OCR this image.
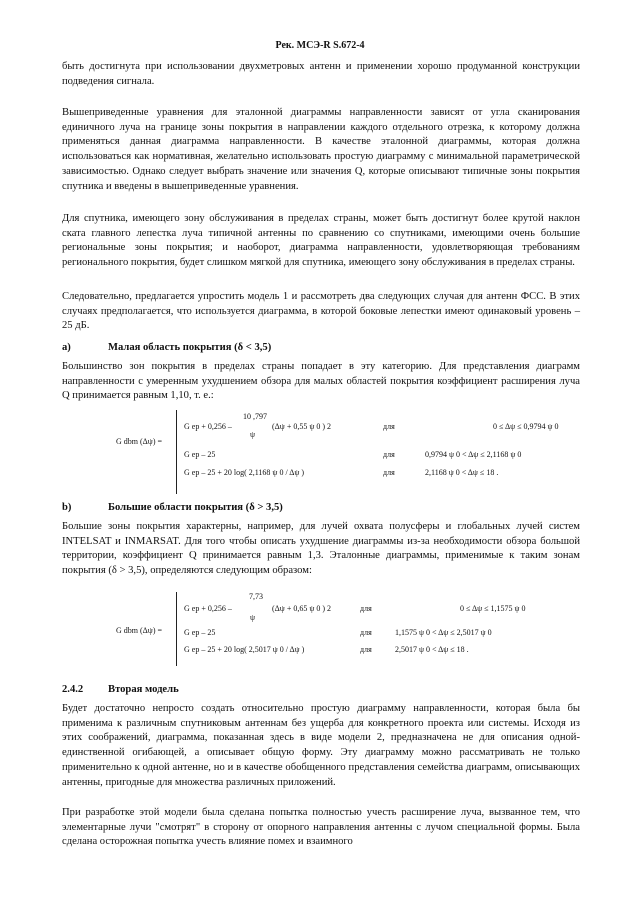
Рек. МСЭ-R S.672-4

быть достигнута при использовании двухметровых антенн и применении хорошо продуманной конструкции подведения сигнала.

Вышеприведенные уравнения для эталонной диаграммы направленности зависят от угла сканирования единичного луча на границе зоны покрытия в направлении каждого отдельного отрезка, к которому должна применяться данная диаграмма направленности. В качестве эталонной диаграммы, которая должна использоваться как нормативная, желательно использовать простую диаграмму с минимальной параметрической зависимостью. Однако следует выбрать значение или значения Q, которые описывают типичные зоны покрытия спутника и введены в вышеприведенные уравнения.

Для спутника, имеющего зону обслуживания в пределах страны, может быть достигнут более крутой наклон ската главного лепестка луча типичной антенны по сравнению со спутниками, имеющими очень большие региональные зоны покрытия; и наоборот, диаграмма направленности, удовлетворяющая требованиям регионального покрытия, будет слишком мягкой для спутника, имеющего зону обслуживания в пределах страны.

Следовательно, предлагается упростить модель 1 и рассмотреть два следующих случая для антенн ФСС. В этих случаях предполагается, что используется диаграмма, в которой боковые лепестки имеют одинаковый уровень –25 дБ.

a)	Малая область покрытия (δ < 3,5)

Большинство зон покрытия в пределах страны попадает в эту категорию. Для представления диаграмм направленности с умеренным ухудшением обзора для малых областей покрытия коэффициент расширения луча Q принимается равным 1,10, т. е.:

G dbm (Δψ) =
G ep + 0,256 –
10 ,797
ψ
(Δψ + 0,55 ψ 0 ) 2	для	0 ≤ Δψ ≤ 0,9794 ψ 0
G ep – 25	для	0,9794 ψ 0 < Δψ ≤ 2,1168 ψ 0
G ep – 25 + 20 log( 2,1168 ψ 0 / Δψ )	для	2,1168 ψ 0 < Δψ ≤ 18 .
b)	Большие области покрытия (δ > 3,5)

Большие зоны покрытия характерны, например, для лучей охвата полусферы и глобальных лучей систем INTELSAT и INMARSAT. Для того чтобы описать ухудшение диаграммы из-за необходимости обзора большой территории, коэффициент Q принимается равным 1,3. Эталонные диаграммы, применимые к таким зонам покрытия (δ > 3,5), определяются следующим образом:

G dbm (Δψ) =
G ep + 0,256 –
7,73
ψ
(Δψ + 0,65 ψ 0 ) 2	для	0 ≤ Δψ ≤ 1,1575 ψ 0
G ep – 25	для	1,1575 ψ 0 < Δψ ≤ 2,5017 ψ 0
G ep – 25 + 20 log( 2,5017 ψ 0 / Δψ )	для	2,5017 ψ 0 < Δψ ≤ 18 .
2.4.2 Вторая модель

Будет достаточно непросто создать относительно простую диаграмму направленности, которая была бы применима к различным спутниковым антеннам без ущерба для конкретного проекта или системы. Исходя из этих соображений, диаграмма, показанная здесь в виде модели 2, предназначена не для описания одной-единственной огибающей, а описывает общую форму. Эту диаграмму можно рассматривать не только применительно к одной антенне, но и в качестве обобщенного представления семейства диаграмм, описывающих антенны, пригодные для множества различных приложений.

При разработке этой модели была сделана попытка полностью учесть расширение луча, вызванное тем, что элементарные лучи "смотрят" в сторону от опорного направления антенны с лучом специальной формы. Была сделана осторожная попытка учесть влияние помех и взаимного
